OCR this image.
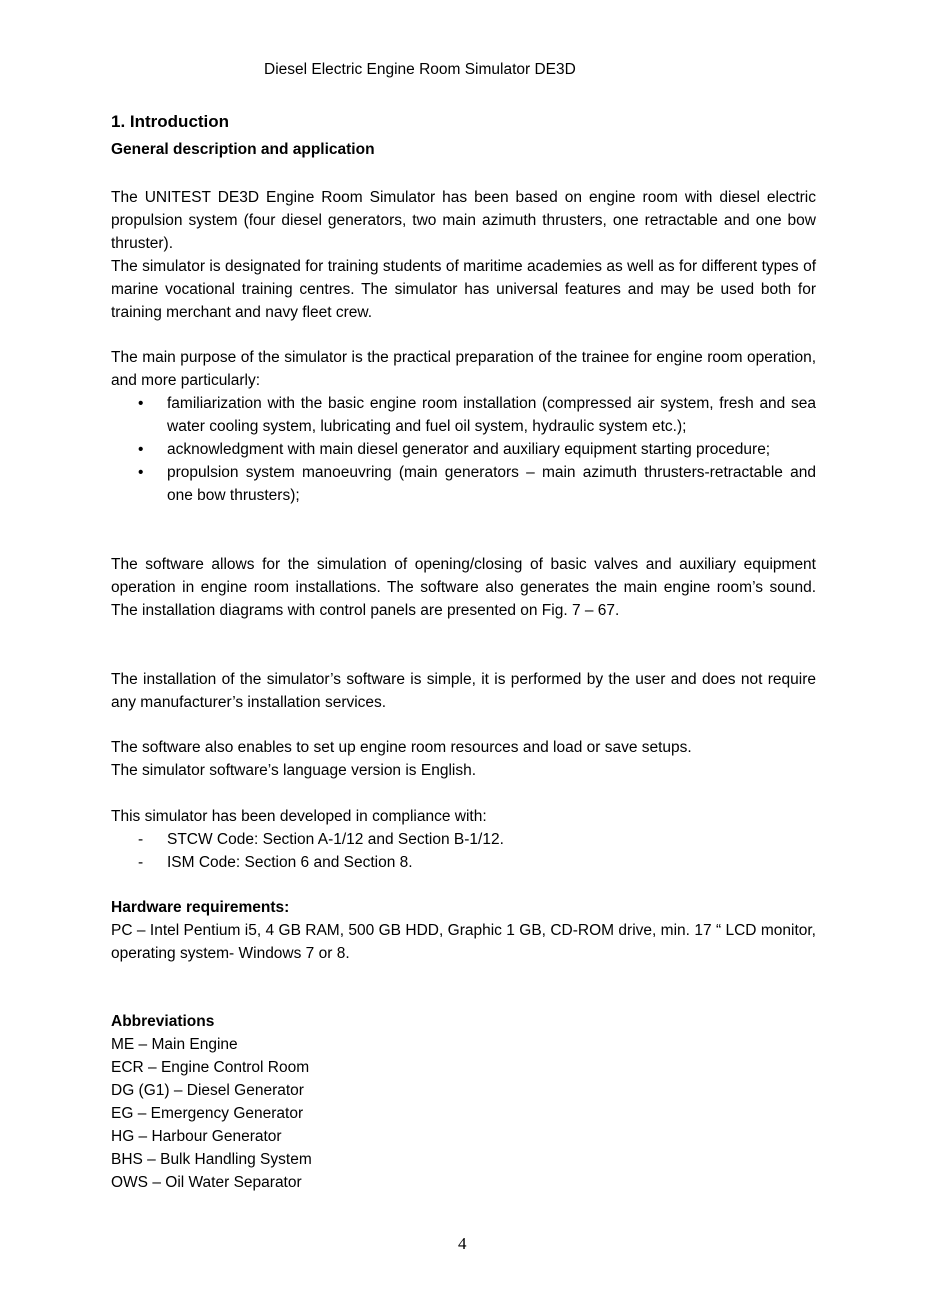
Diesel Electric Engine Room Simulator DE3D
1. Introduction
General description and application
The UNITEST DE3D Engine Room Simulator has been based on engine room with diesel electric propulsion system (four diesel generators, two main azimuth thrusters, one retractable and one bow thruster).
The simulator is designated for training students of maritime academies as well as for different types of marine vocational training centres. The simulator has universal features and may be used both for training merchant and navy fleet crew.
The main purpose of the simulator is the practical preparation of the trainee for engine room operation, and more particularly:
• familiarization with the basic engine room installation (compressed air system, fresh and sea water cooling system, lubricating and fuel oil system, hydraulic system etc.);
• acknowledgment with main diesel generator and auxiliary equipment starting procedure;
• propulsion system manoeuvring (main generators – main azimuth thrusters-retractable and one bow thrusters);
The software allows for the simulation of opening/closing of basic valves and auxiliary equipment operation in engine room installations. The software also generates the main engine room’s sound. The installation diagrams with control panels are presented on Fig. 7 – 67.
The installation of the simulator’s software is simple, it is performed by the user and does not require any manufacturer’s installation services.
The software also enables to set up engine room resources and load or save setups.
The simulator software’s language version is English.
This simulator has been developed in compliance with:
- STCW Code: Section A-1/12 and Section B-1/12.
- ISM Code: Section 6 and Section 8.
Hardware requirements:
PC – Intel Pentium i5, 4 GB RAM, 500 GB HDD, Graphic 1 GB, CD-ROM drive, min. 17 “ LCD monitor, operating system- Windows 7 or 8.
Abbreviations
ME – Main Engine
ECR – Engine Control Room
DG (G1) – Diesel Generator
EG – Emergency Generator
HG – Harbour Generator
BHS – Bulk Handling System
OWS – Oil Water Separator
4
